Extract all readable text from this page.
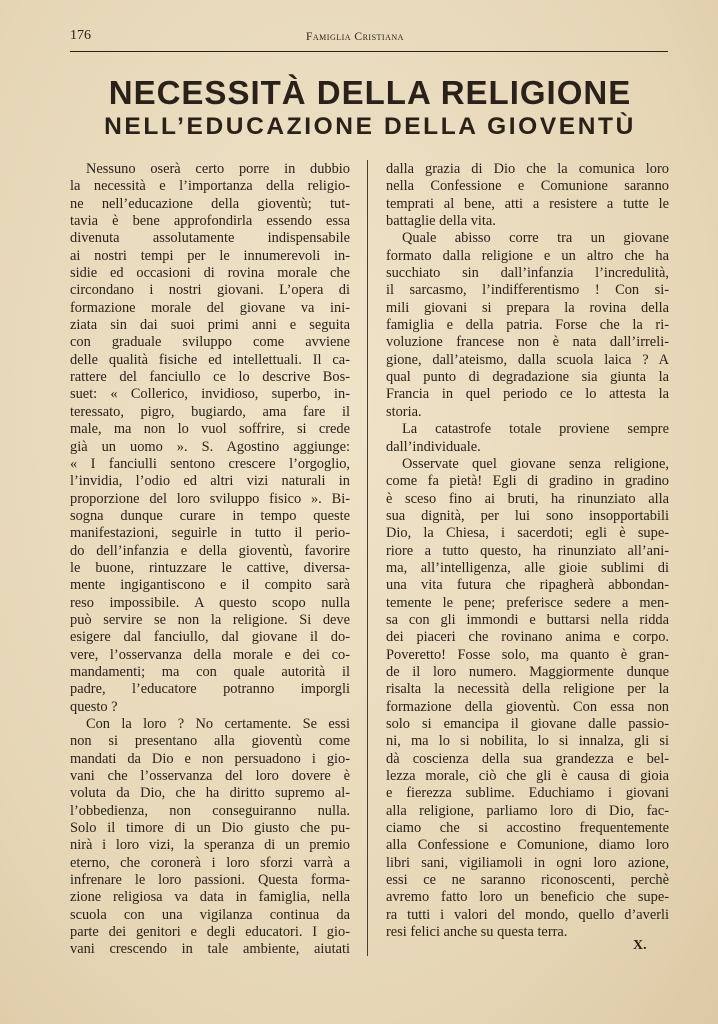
176	Famiglia Cristiana
NECESSITÀ DELLA RELIGIONE
NELL’EDUCAZIONE DELLA GIOVENTÙ
Nessuno oserà certo porre in dubbio
la necessità e l’importanza della religio-
ne nell’educazione della gioventù; tut-
tavia è bene approfondirla essendo essa
divenuta assolutamente indispensabile
ai nostri tempi per le innumerevoli in-
sidie ed occasioni di rovina morale che
circondano i nostri giovani. L’opera di
formazione morale del giovane va ini-
ziata sin dai suoi primi anni e seguita
con graduale sviluppo come avviene
delle qualità fisiche ed intellettuali. Il ca-
rattere del fanciullo ce lo descrive Bos-
suet: « Collerico, invidioso, superbo, in-
teressato, pigro, bugiardo, ama fare il
male, ma non lo vuol soffrire, si crede
già un uomo ». S. Agostino aggiunge:
« I fanciulli sentono crescere l’orgoglio,
l’invidia, l’odio ed altri vizi naturali in
proporzione del loro sviluppo fisico ». Bi-
sogna dunque curare in tempo queste
manifestazioni, seguirle in tutto il perio-
do dell’infanzia e della gioventù, favorire
le buone, rintuzzare le cattive, diversa-
mente ingigantiscono e il compito sarà
reso impossibile. A questo scopo nulla
può servire se non la religione. Si deve
esigere dal fanciullo, dal giovane il do-
vere, l’osservanza della morale e dei co-
mandamenti; ma con quale autorità il
padre, l’educatore potranno imporgli
questo ?
Con la loro ? No certamente. Se essi
non si presentano alla gioventù come
mandati da Dio e non persuadono i gio-
vani che l’osservanza del loro dovere è
voluta da Dio, che ha diritto supremo al-
l’obbedienza, non conseguiranno nulla.
Solo il timore di un Dio giusto che pu-
nirà i loro vizi, la speranza di un premio
eterno, che coronerà i loro sforzi varrà a
infrenare le loro passioni. Questa forma-
zione religiosa va data in famiglia, nella
scuola con una vigilanza continua da
parte dei genitori e degli educatori. I gio-
vani crescendo in tale ambiente, aiutati
dalla grazia di Dio che la comunica loro
nella Confessione e Comunione saranno
temprati al bene, atti a resistere a tutte le
battaglie della vita.
Quale abisso corre tra un giovane
formato dalla religione e un altro che ha
succhiato sin dall’infanzia l’incredulità,
il sarcasmo, l’indifferentismo ! Con si-
mili giovani si prepara la rovina della
famiglia e della patria. Forse che la ri-
voluzione francese non è nata dall’irreli-
gione, dall’ateismo, dalla scuola laica ? A
qual punto di degradazione sia giunta la
Francia in quel periodo ce lo attesta la
storia.
La catastrofe totale proviene sempre
dall’individuale.
Osservate quel giovane senza religione,
come fa pietà! Egli di gradino in gradino
è sceso fino ai bruti, ha rinunziato alla
sua dignità, per lui sono insopportabili
Dio, la Chiesa, i sacerdoti; egli è supe-
riore a tutto questo, ha rinunziato all’ani-
ma, all’intelligenza, alle gioie sublimi di
una vita futura che ripagherà abbondan-
temente le pene; preferisce sedere a men-
sa con gli immondi e buttarsi nella ridda
dei piaceri che rovinano anima e corpo.
Poveretto! Fosse solo, ma quanto è gran-
de il loro numero. Maggiormente dunque
risalta la necessità della religione per la
formazione della gioventù. Con essa non
solo si emancipa il giovane dalle passio-
ni, ma lo si nobilita, lo si innalza, gli si
dà coscienza della sua grandezza e bel-
lezza morale, ciò che gli è causa di gioia
e fierezza sublime. Educhiamo i giovani
alla religione, parliamo loro di Dio, fac-
ciamo che si accostino frequentemente
alla Confessione e Comunione, diamo loro
libri sani, vigiliamoli in ogni loro azione,
essi ce ne saranno riconoscenti, perchè
avremo fatto loro un beneficio che supe-
ra tutti i valori del mondo, quello d’averli
resi felici anche su questa terra.
X.
